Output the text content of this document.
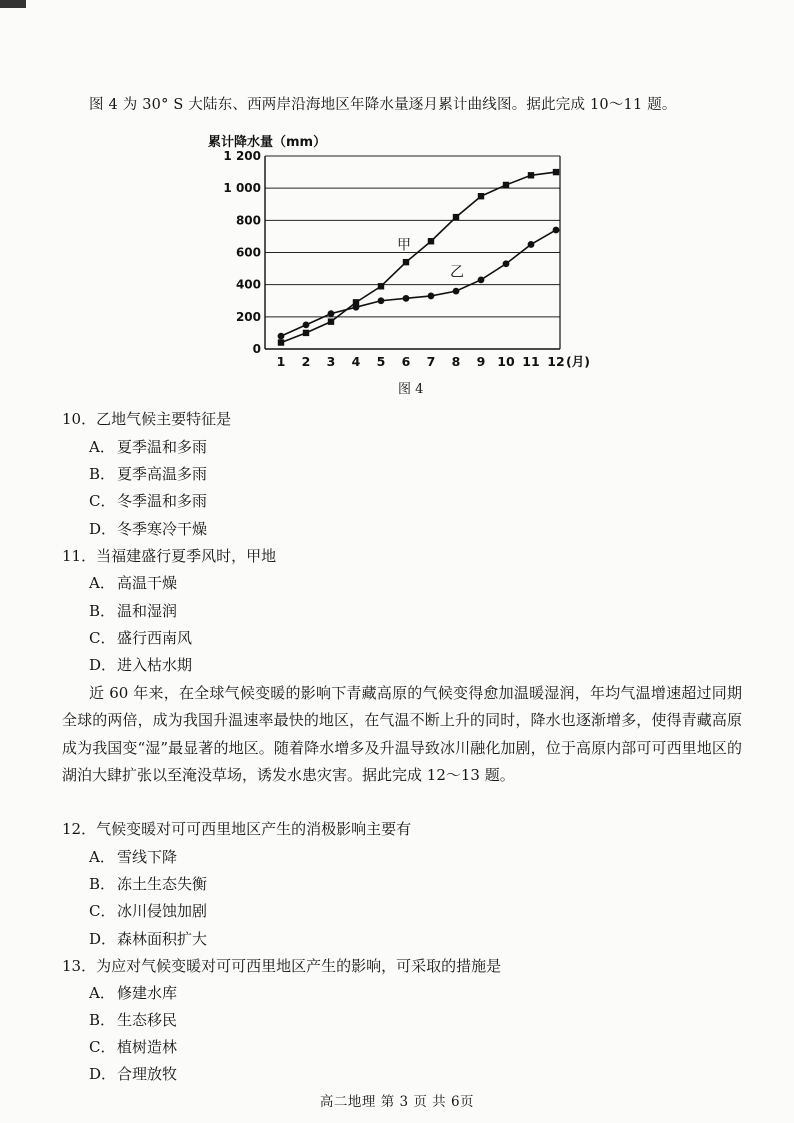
图 4 为 30° S 大陆东、西两岸沿海地区年降水量逐月累计曲线图。据此完成 10～11 题。
累计降水量（mm）
0
200
400
600
800
1 000
1 200
1 2 3 4 5 6 7 8 9 10 11 12 (月)
甲
乙
图 4
10．乙地气候主要特征是
A． 夏季温和多雨
B． 夏季高温多雨
C． 冬季温和多雨
D．冬季寒冷干燥
11．当福建盛行夏季风时，甲地
A． 高温干燥
B． 温和湿润
C． 盛行西南风
D．进入枯水期
近 60 年来，在全球气候变暖的影响下青藏高原的气候变得愈加温暖湿润，年均气温增速超过同期全球的两倍，成为我国升温速率最快的地区，在气温不断上升的同时，降水也逐渐增多，使得青藏高原成为我国变“湿”最显著的地区。随着降水增多及升温导致冰川融化加剧，位于高原内部可可西里地区的湖泊大肆扩张以至淹没草场，诱发水患灾害。据此完成 12～13 题。
12．气候变暖对可可西里地区产生的消极影响主要有
A． 雪线下降
B． 冻土生态失衡
C． 冰川侵蚀加剧
D．森林面积扩大
13．为应对气候变暖对可可西里地区产生的影响，可采取的措施是
A． 修建水库
B． 生态移民
C． 植树造林
D．合理放牧
高二地理 第 3 页 共 6页
